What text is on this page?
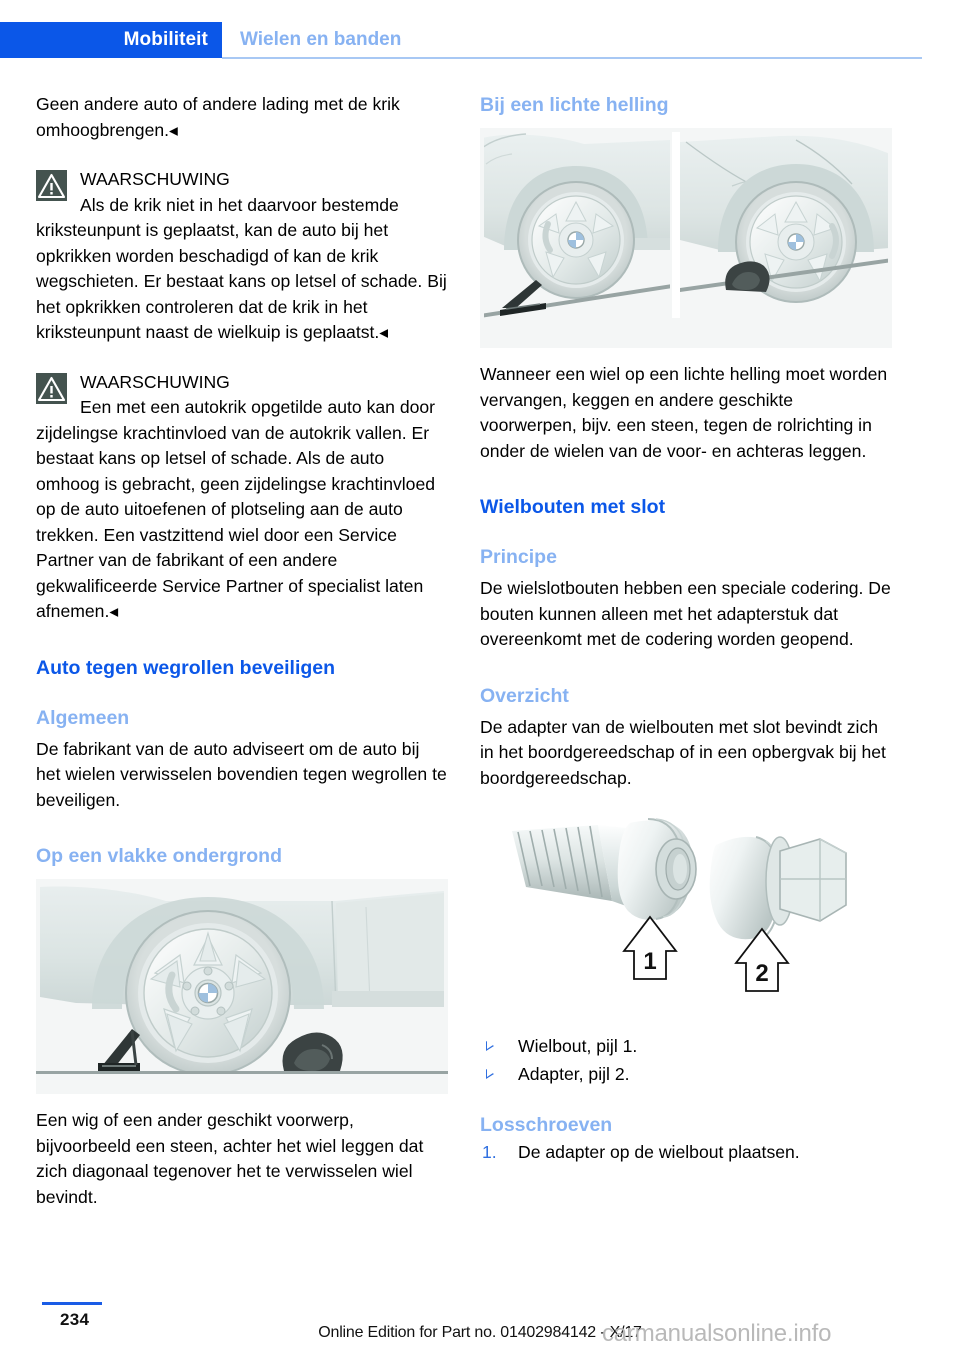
Mobiliteit Wielen en banden

Geen andere auto of andere lading met de krik omhoogbrengen.◂

WAARSCHUWING
Als de krik niet in het daarvoor bestemde kriksteunpunt is geplaatst, kan de auto bij het opkrikken worden beschadigd of kan de krik wegschieten. Er bestaat kans op letsel of schade. Bij het opkrikken controleren dat de krik in het kriksteunpunt naast de wielkuip is geplaatst.◂
WAARSCHUWING
Een met een autokrik opgetilde auto kan door zijdelingse krachtinvloed van de autokrik vallen. Er bestaat kans op letsel of schade. Als de auto omhoog is gebracht, geen zijdelingse krachtinvloed op de auto uitoefenen of plotseling aan de auto trekken. Een vastzittend wiel door een Service Partner van de fabrikant of een andere gekwalificeerde Service Partner of specialist laten afnemen.◂
Auto tegen wegrollen beveiligen
Algemeen

De fabrikant van de auto adviseert om de auto bij het wielen verwisselen bovendien tegen wegrollen te beveiligen.

Op een vlakke ondergrond

Een wig of een ander geschikt voorwerp, bijvoorbeeld een steen, achter het wiel leggen dat zich diagonaal tegenover het te verwisselen wiel bevindt.

Bij een lichte helling

Wanneer een wiel op een lichte helling moet worden vervangen, keggen en andere geschikte voorwerpen, bijv. een steen, tegen de rolrichting in onder de wielen van de voor- en achteras leggen.

Wielbouten met slot
Principe

De wielslotbouten hebben een speciale codering. De bouten kunnen alleen met het adapterstuk dat overeenkomt met de codering worden geopend.

Overzicht

De adapter van de wielbouten met slot bevindt zich in het boordgereedschap of in een opbergvak bij het boordgereedschap.

1	2
Wielbout, pijl 1.
Adapter, pijl 2.
Losschroeven
1. De adapter op de wielbout plaatsen.
234
Online Edition for Part no. 01402984142 - X/17
carmanualsonline.info
